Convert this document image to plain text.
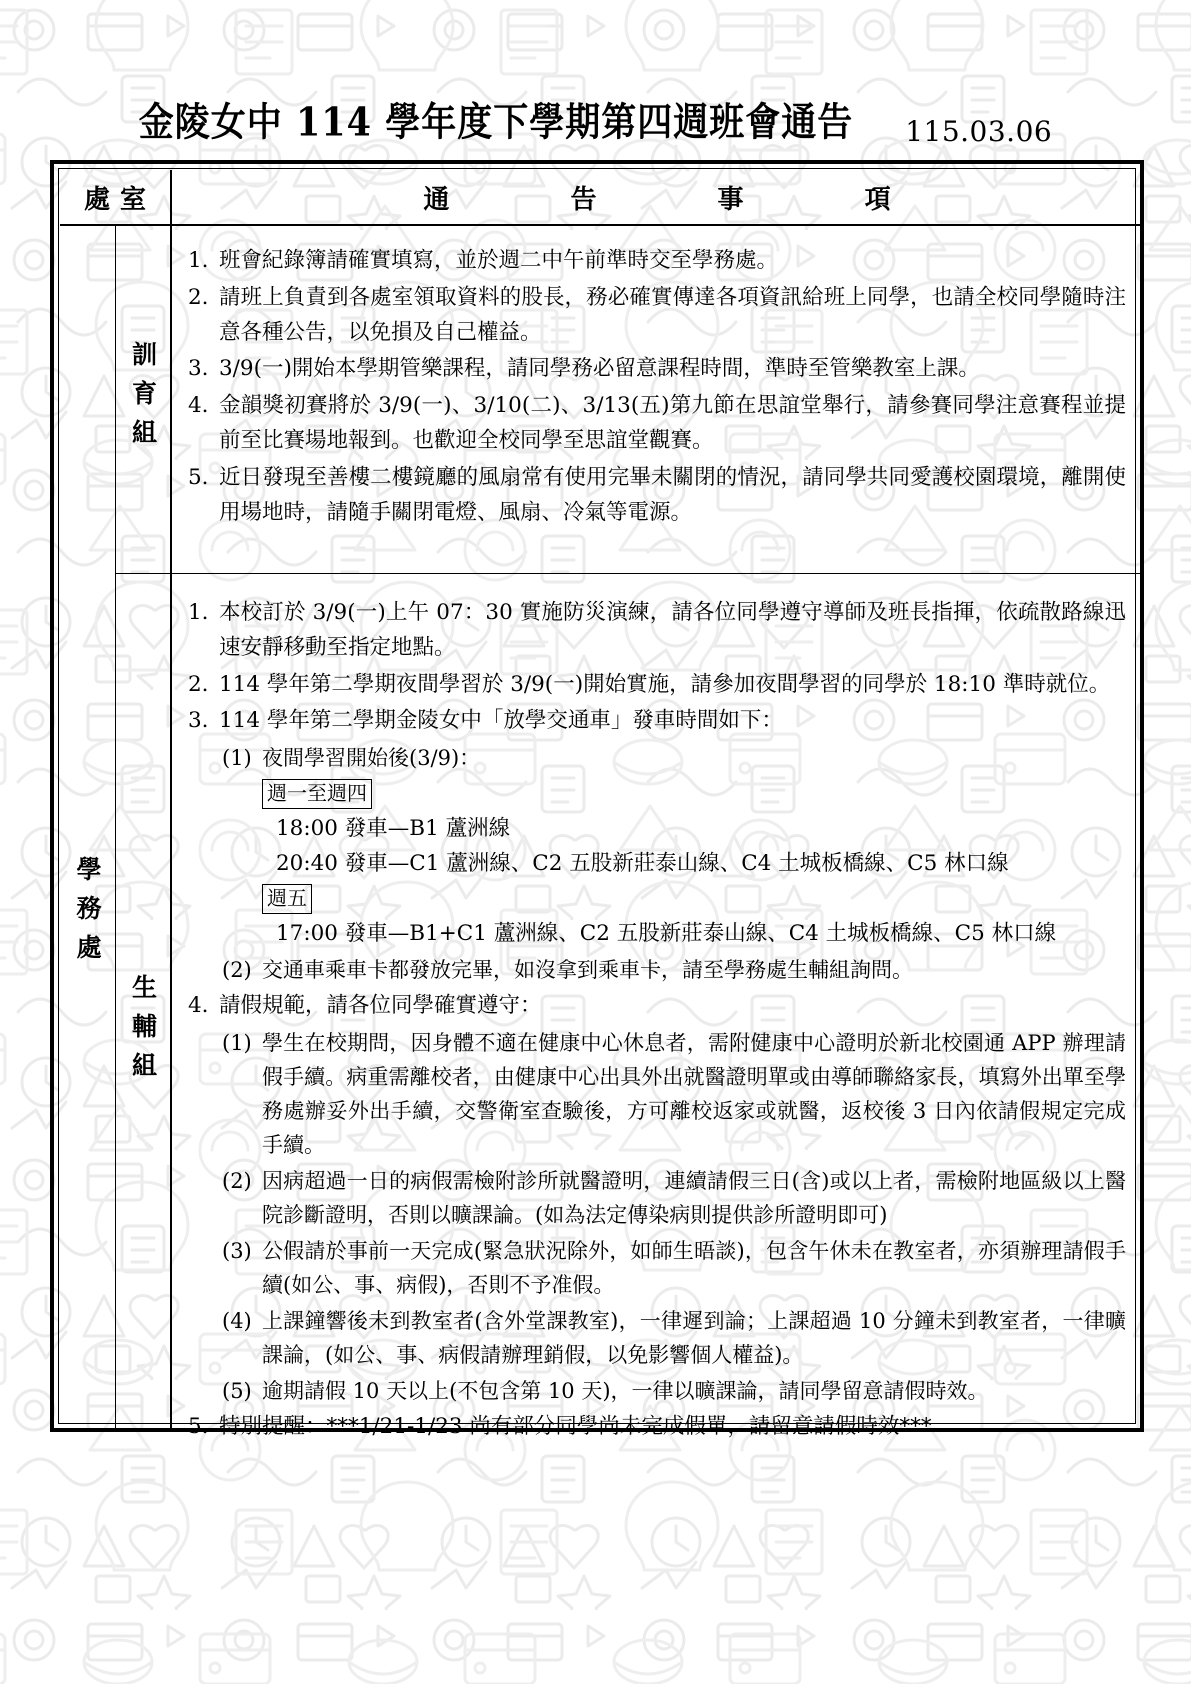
金陵女中 114 學年度下學期第四週班會通告 115.03.06
處室	通 告 事 項
學務處
訓育組
生輔組
1. 班會紀錄簿請確實填寫，並於週二中午前準時交至學務處。
2. 請班上負責到各處室領取資料的股長，務必確實傳達各項資訊給班上同學，也請全校同學隨時注意各種公告，以免損及自己權益。
3. 3/9(一)開始本學期管樂課程，請同學務必留意課程時間，準時至管樂教室上課。
4. 金韻獎初賽將於 3/9(一)、3/10(二)、3/13(五)第九節在思誼堂舉行，請參賽同學注意賽程並提前至比賽場地報到。也歡迎全校同學至思誼堂觀賽。
5. 近日發現至善樓二樓鏡廳的風扇常有使用完畢未關閉的情況，請同學共同愛護校園環境，離開使用場地時，請隨手關閉電燈、風扇、冷氣等電源。
1. 本校訂於 3/9(一)上午 07：30 實施防災演練，請各位同學遵守導師及班長指揮，依疏散路線迅速安靜移動至指定地點。
2. 114 學年第二學期夜間學習於 3/9(一)開始實施，請參加夜間學習的同學於 18:10 準時就位。
3. 114 學年第二學期金陵女中「放學交通車」發車時間如下：
(1) 夜間學習開始後(3/9)：
週一至週四
18:00 發車—B1 蘆洲線
20:40 發車—C1 蘆洲線、C2 五股新莊泰山線、C4 土城板橋線、C5 林口線
週五
17:00 發車—B1+C1 蘆洲線、C2 五股新莊泰山線、C4 土城板橋線、C5 林口線
(2) 交通車乘車卡都發放完畢，如沒拿到乘車卡，請至學務處生輔組詢問。
4. 請假規範，請各位同學確實遵守：
(1) 學生在校期問，因身體不適在健康中心休息者，需附健康中心證明於新北校園通 APP 辦理請假手續。病重需離校者，由健康中心出具外出就醫證明單或由導師聯絡家長，填寫外出單至學務處辦妥外出手續，交警衛室查驗後，方可離校返家或就醫，返校後 3 日內依請假規定完成手續。
(2) 因病超過一日的病假需檢附診所就醫證明，連續請假三日(含)或以上者，需檢附地區級以上醫院診斷證明，否則以曠課論。(如為法定傳染病則提供診所證明即可)
(3) 公假請於事前一天完成(緊急狀況除外，如師生晤談)，包含午休未在教室者，亦須辦理請假手續(如公、事、病假)，否則不予准假。
(4) 上課鐘響後未到教室者(含外堂課教室)，一律遲到論；上課超過 10 分鐘未到教室者，一律曠課論，(如公、事、病假請辦理銷假，以免影響個人權益)。
(5) 逾期請假 10 天以上(不包含第 10 天)，一律以曠課論，請同學留意請假時效。
5. 特別提醒：***1/21-1/23 尚有部分同學尚未完成假單，請留意請假時效***
